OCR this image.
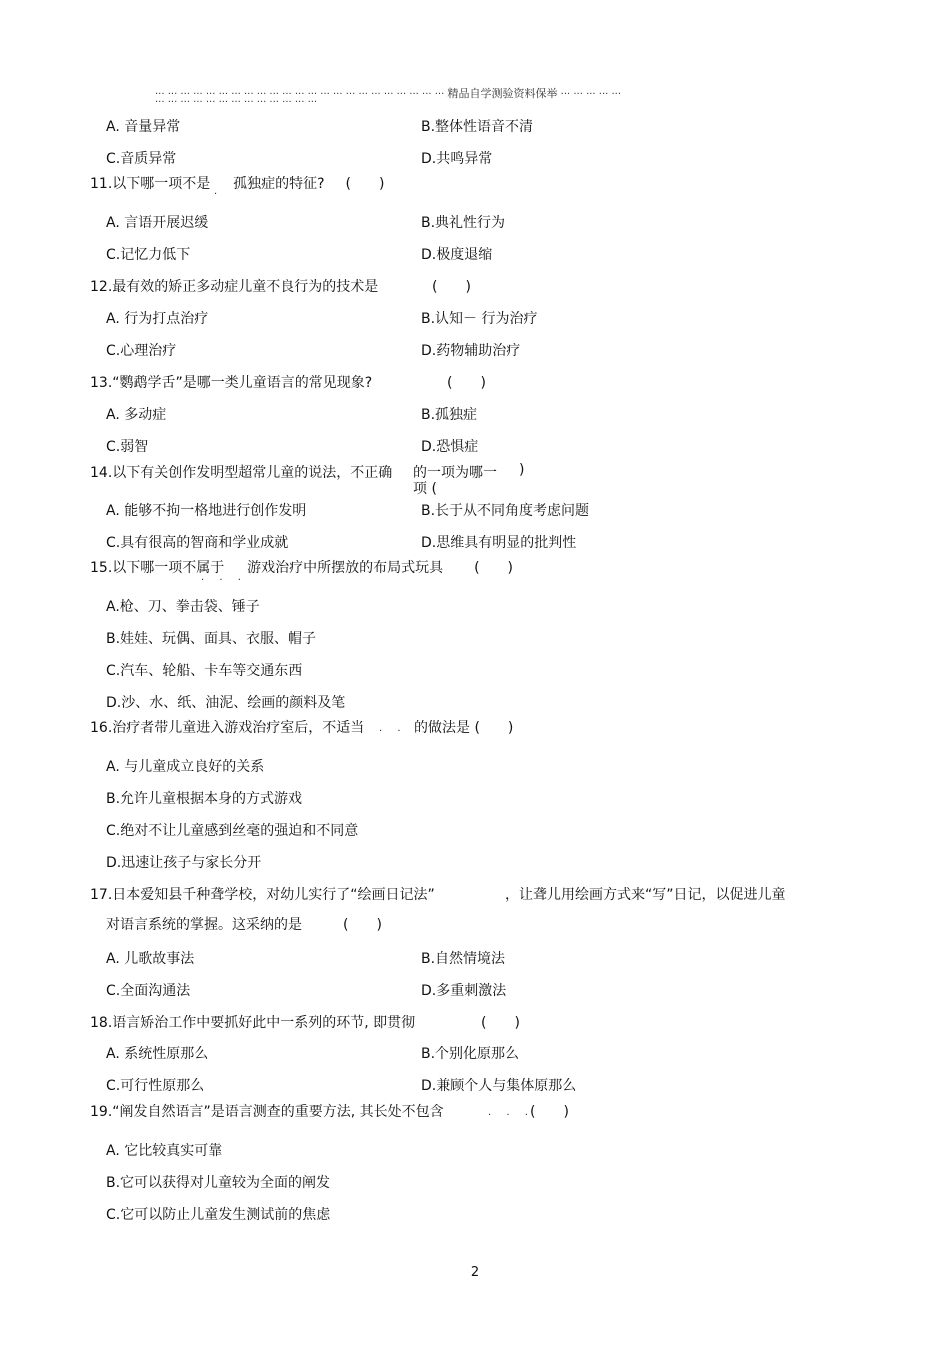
··· ··· ··· ··· ··· ··· ··· ··· ··· ··· ··· ··· ··· ··· ··· ··· ··· ··· ··· ··· ··· ··· ··· 精品自学测验资料保举 ··· ··· ··· ··· ···
··· ··· ··· ··· ··· ··· ··· ··· ··· ··· ··· ··· ···
A. 音量异常	B.整体性语音不清
C.音质异常	D.共鸣异常
11.以下哪一项不是 孤独症的特征? (　　)
·
A. 言语开展迟缓	B.典礼性行为
C.记忆力低下	D.极度退缩
12.最有效的矫正多动症儿童不良行为的技术是	(　　)
A. 行为打点治疗	B.认知－ 行为治疗
C.心理治疗	D.药物辅助治疗
13.“鹦鹉学舌”是哪一类儿童语言的常见现象?	(　　)
A. 多动症	B.孤独症
C.弱智	D.恐惧症
14.以下有关创作发明型超常儿童的说法，不正确 的一项为哪一 )
项 (
A. 能够不拘一格地进行创作发明	B.长于从不同角度考虑问题
C.具有很高的智商和学业成就	D.思维具有明显的批判性
15.以下哪一项不属于 游戏治疗中所摆放的布局式玩具 (　　)
· · ·
A.枪、刀、拳击袋、锤子
B.娃娃、玩偶、面具、衣服、帽子
C.汽车、轮船、卡车等交通东西
D.沙、水、纸、油泥、绘画的颜料及笔
16.治疗者带儿童进入游戏治疗室后，不适当 · · 的做法是 (　　)
A. 与儿童成立良好的关系
B.允许儿童根据本身的方式游戏
C.绝对不让儿童感到丝毫的强迫和不同意
D.迅速让孩子与家长分开
17.日本爱知县千种聋学校，对幼儿实行了“绘画日记法”	，让聋儿用绘画方式来“写”日记，以促进儿童
对语言系统的掌握。这采纳的是	(　　)
A. 儿歌故事法	B.自然情境法
C.全面沟通法	D.多重刺激法
18.语言矫治工作中要抓好此中一系列的环节, 即贯彻	(　　)
A. 系统性原那么	B.个别化原那么
C.可行性原那么	D.兼顾个人与集体原那么
19.“阐发自然语言”是语言测查的重要方法, 其长处不包含	· · ·
(　　)
A. 它比较真实可靠
B.它可以获得对儿童较为全面的阐发
C.它可以防止儿童发生测试前的焦虑
2
